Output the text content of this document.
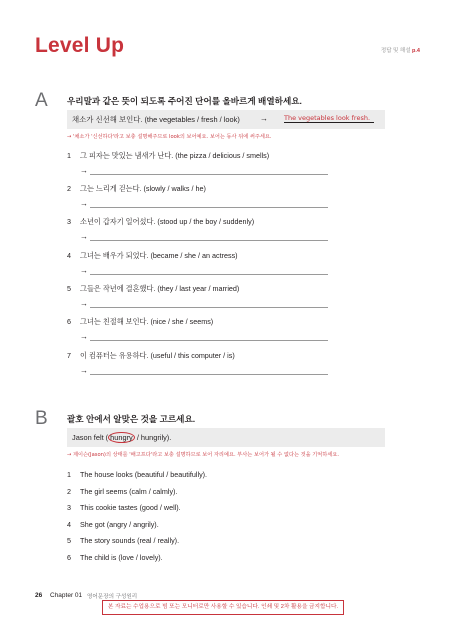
Level Up	정답 및 해설 p.4
A 우리말과 같은 뜻이 되도록 주어진 단어를 올바르게 배열하세요.
채소가 신선해 보인다. (the vegetables / fresh / look)	→ The vegetables look fresh.
→ '채소가 '신선하다'라고 보충 설명해주므로 look의 보어예요. 보어는 동사 뒤에 써주세요.
1 그 피자는 맛있는 냄새가 난다. (the pizza / delicious / smells)
→
2 그는 느리게 걷는다. (slowly / walks / he)
→
3 소년이 갑자기 일어섰다. (stood up / the boy / suddenly)
→
4 그녀는 배우가 되었다. (became / she / an actress)
→
5 그들은 작년에 결혼했다. (they / last year / married)
→
6 그녀는 친절해 보인다. (nice / she / seems)
→
7 이 컴퓨터는 유용하다. (useful / this computer / is)
→
B 괄호 안에서 알맞은 것을 고르세요.
Jason felt ( hungry / hungrily).
→ 제이슨(Jason)의 상태를 '배고프다'라고 보충 설명하므로 보어 자리예요. 부사는 보어가 될 수 없다는 것을 기억하세요.
1 The house looks (beautiful / beautifully).
2 The girl seems (calm / calmly).
3 This cookie tastes (good / well).
4 She got (angry / angrily).
5 The story sounds (real / really).
6 The child is (love / lovely).
26 Chapter 01 영어문장의 구성원리
본 자료는 수업용으로 빔 또는 모니터로만 사용할 수 있습니다. 인쇄 및 2차 활용을 금지합니다.
